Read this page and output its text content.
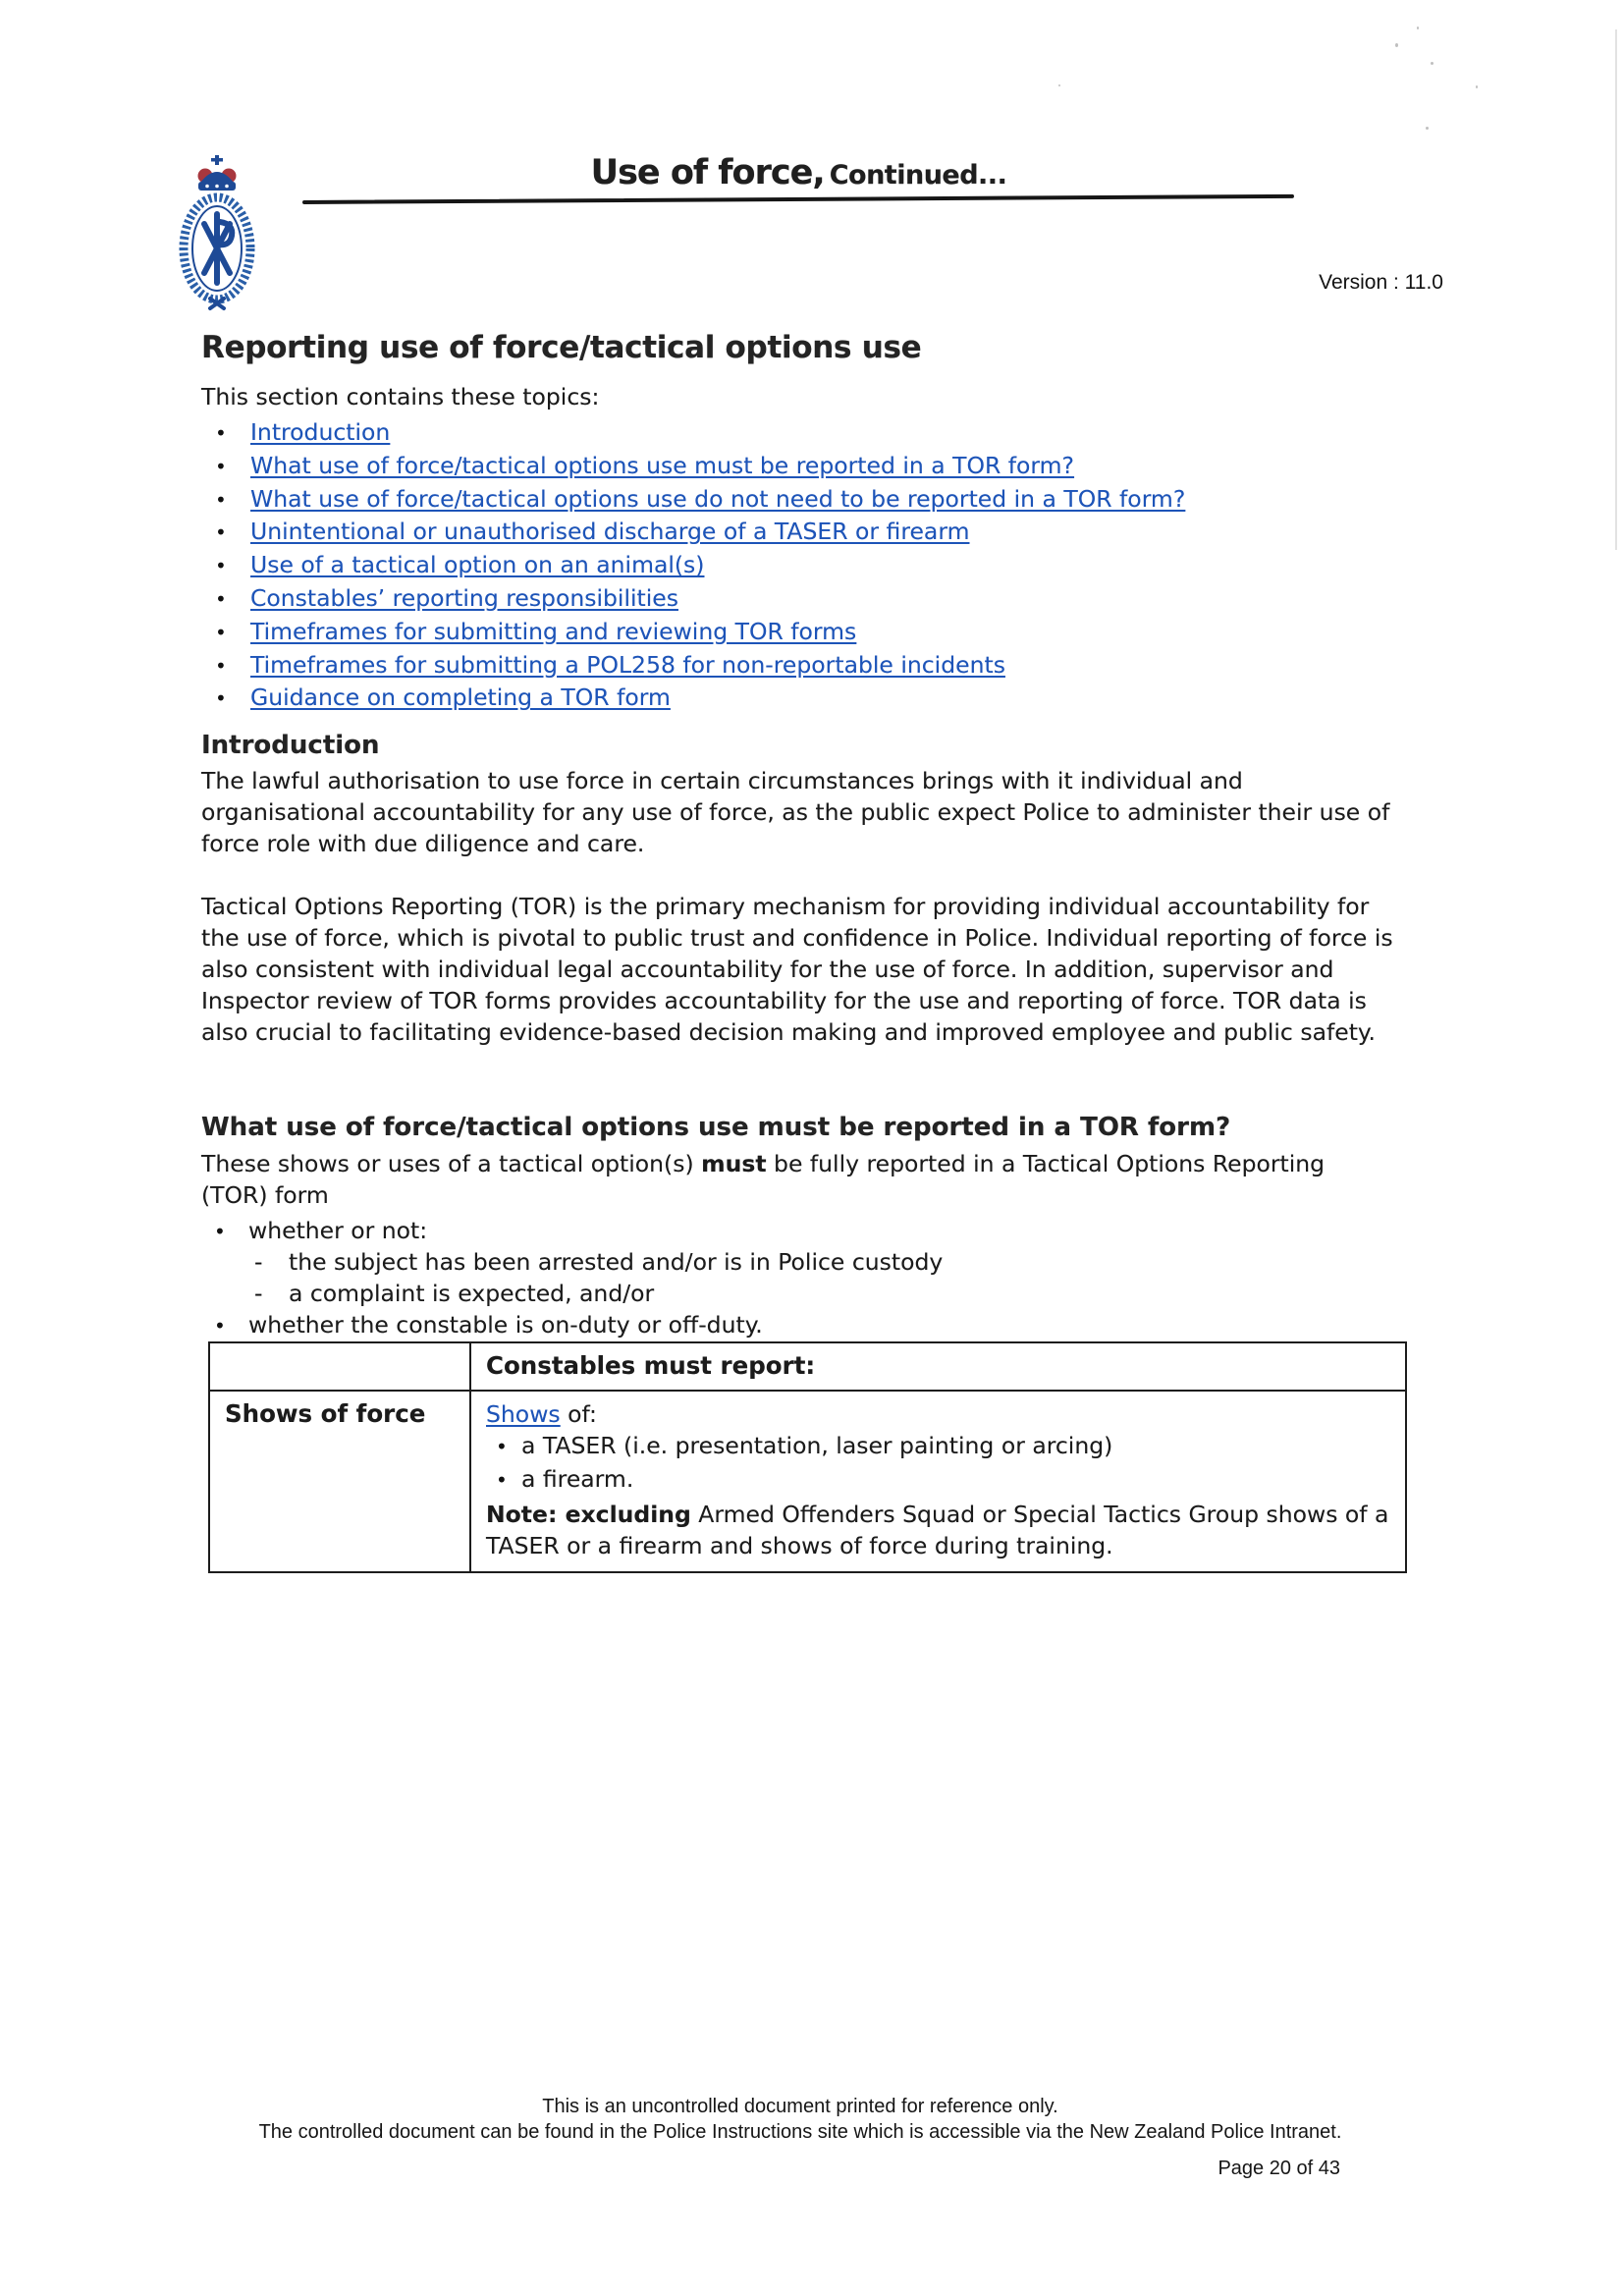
Use of force, Continued...
Version : 11.0
Reporting use of force/tactical options use
This section contains these topics:
•	Introduction
•	What use of force/tactical options use must be reported in a TOR form?
•	What use of force/tactical options use do not need to be reported in a TOR form?
•	Unintentional or unauthorised discharge of a TASER or firearm
•	Use of a tactical option on an animal(s)
•	Constables’ reporting responsibilities
•	Timeframes for submitting and reviewing TOR forms
•	Timeframes for submitting a POL258 for non-reportable incidents
•	Guidance on completing a TOR form
Introduction
The lawful authorisation to use force in certain circumstances brings with it individual and organisational accountability for any use of force, as the public expect Police to administer their use of force role with due diligence and care.
Tactical Options Reporting (TOR) is the primary mechanism for providing individual accountability for the use of force, which is pivotal to public trust and confidence in Police. Individual reporting of force is also consistent with individual legal accountability for the use of force. In addition, supervisor and Inspector review of TOR forms provides accountability for the use and reporting of force. TOR data is also crucial to facilitating evidence-based decision making and improved employee and public safety.
What use of force/tactical options use must be reported in a TOR form?
These shows or uses of a tactical option(s) must be fully reported in a Tactical Options Reporting (TOR) form
• whether or not:
-	the subject has been arrested and/or is in Police custody
-	a complaint is expected, and/or
• whether the constable is on-duty or off-duty.
	Constables must report:
Shows of force	Shows of:
• a TASER (i.e. presentation, laser painting or arcing)
• a firearm.
Note: excluding Armed Offenders Squad or Special Tactics Group shows of a TASER or a firearm and shows of force during training.
This is an uncontrolled document printed for reference only.
The controlled document can be found in the Police Instructions site which is accessible via the New Zealand Police Intranet.
Page 20 of 43
